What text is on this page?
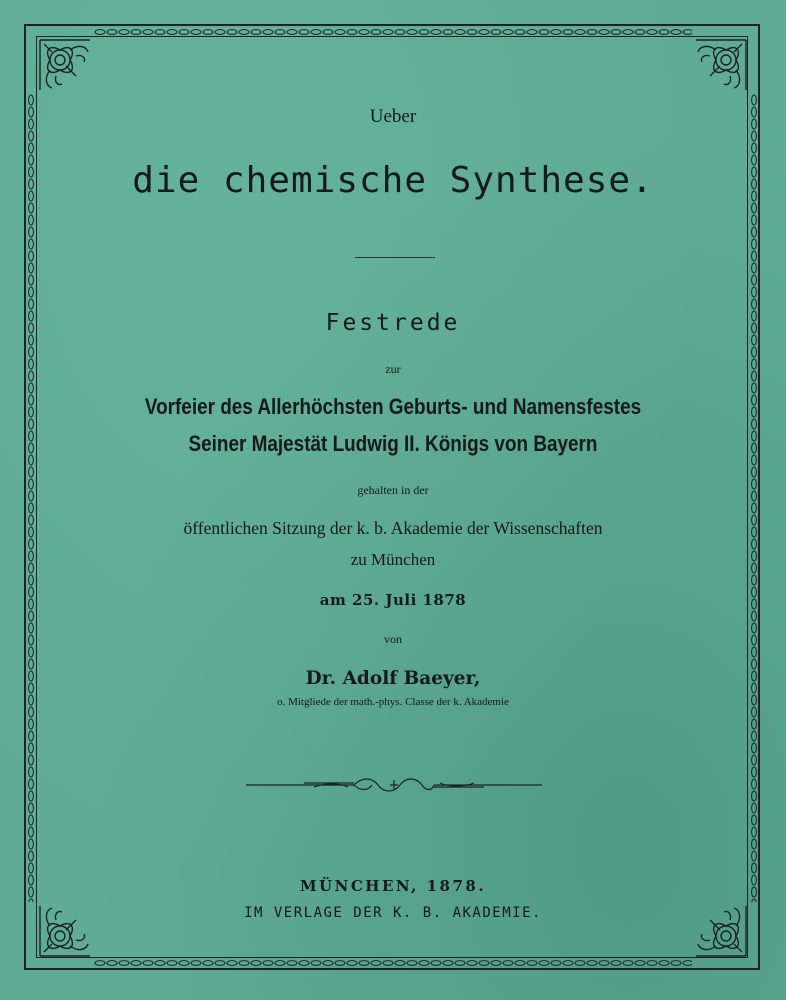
Ueber
die chemische Synthese.
Festrede
zur
Vorfeier des Allerhöchsten Geburts- und Namensfestes
Seiner Majestät Ludwig II. Königs von Bayern
gehalten in der
öffentlichen Sitzung der k. b. Akademie der Wissenschaften
zu München
am 25. Juli 1878
von
Dr. Adolf Baeyer,
o. Mitgliede der math.-phys. Classe der k. Akademie
MÜNCHEN, 1878.
IM VERLAGE DER K. B. AKADEMIE.
